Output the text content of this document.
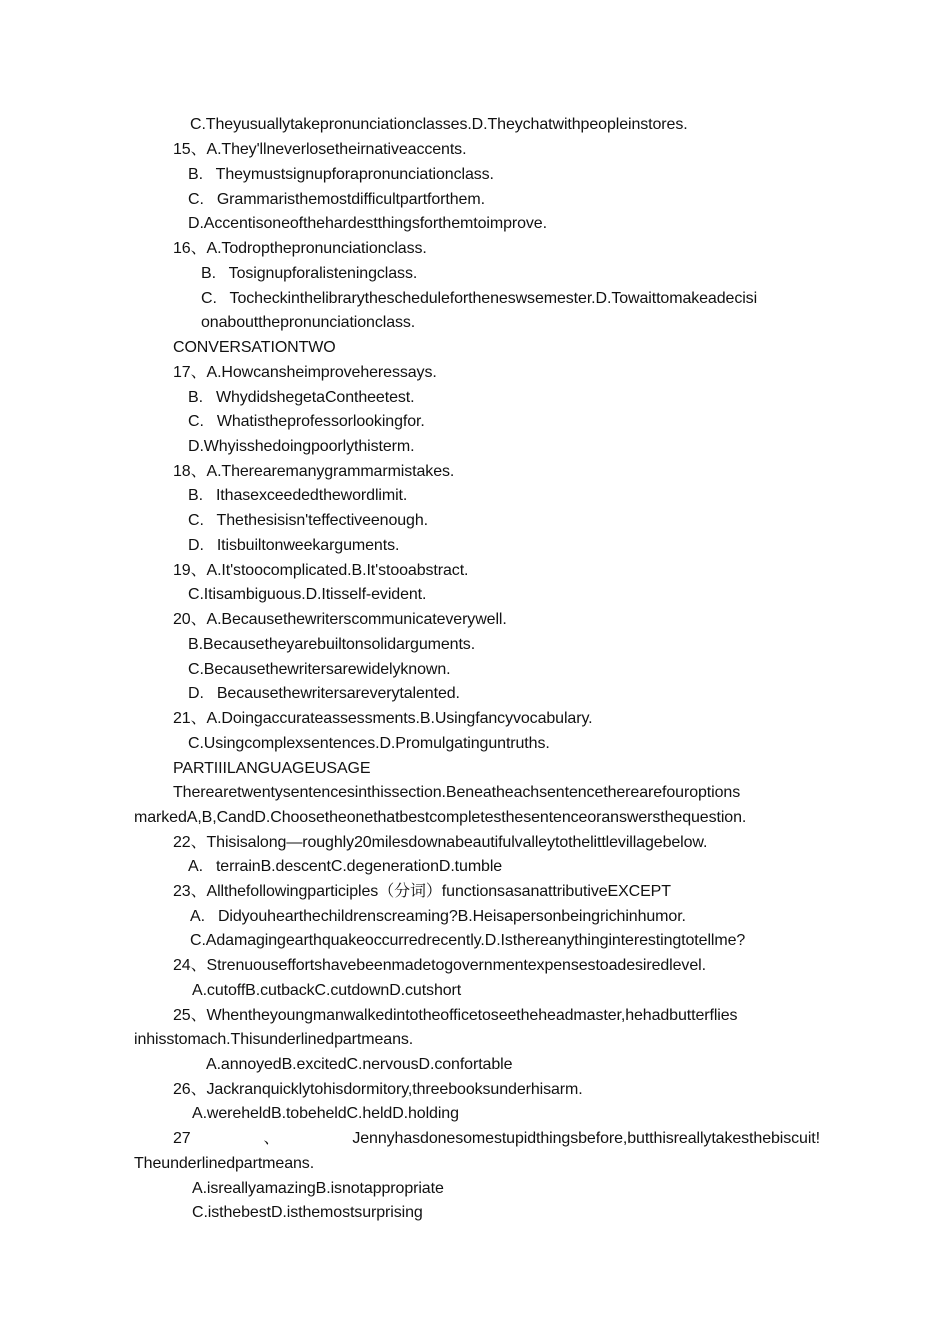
C.Theyusuallytakepronunciationclasses.D.Theychatwithpeopleinstores.
15、A.They'llneverlosetheirnativeaccents.
B.   Theymustsignupforapronunciationclass.
C.   Grammaristhemostdifficultpartforthem.
D.Accentisoneofthehardestthingsforthemtoimprove.
16、A.Todropthepronunciationclass.
B.   Tosignupforalisteningclass.
C.   Tocheckinthelibrarytheschedulefortheneswsemester.D.Towaittomakeadecisi
onaboutthepronunciationclass.
CONVERSATIONTWO
17、A.Howcansheimproveheressays.
B.   WhydidshegetaContheetest.
C.   Whatistheprofessorlookingfor.
D.Whyisshedoingpoorlythisterm.
18、A.Therearemanygrammarmistakes.
B.   Ithasexceededthewordlimit.
C.   Thethesisisn'teffectiveenough.
D.   Itisbuiltonweekarguments.
19、A.It'stoocomplicated.B.It'stooabstract.
C.Itisambiguous.D.Itisself-evident.
20、A.Becausethewriterscommunicateverywell.
B.Becausetheyarebuiltonsolidarguments.
C.Becausethewritersarewidelyknown.
D.   Becausethewritersareverytalented.
21、A.Doingaccurateassessments.B.Usingfancyvocabulary.
C.Usingcomplexsentences.D.Promulgatinguntruths.
PARTIIILANGUAGEUSAGE
Therearetwentysentencesinthissection.Beneatheachsentencetherearefouroptions
markedA,B,CandD.Choosetheonethatbestcompletesthesentenceoranswersthequestion.
22、Thisisalong—roughly20milesdownabeautifulvalleytothelittlevillagebelow.
A.   terrainB.descentC.degenerationD.tumble
23、Allthefollowingparticiples（分词）functionsasanattributiveEXCEPT
A.   Didyouhearthechildrenscreaming?B.Heisapersonbeingrichinhumor.
C.Adamagingearthquakeoccurredrecently.D.Isthereanythinginterestingtotellme?
24、Strenuouseffortshavebeenmadetogovernmentexpensestoadesiredlevel.
A.cutoffB.cutbackC.cutdownD.cutshort
25、Whentheyoungmanwalkedintotheofficetoseetheheadmaster,hehadbutterflies
inhisstomach.Thisunderlinedpartmeans.
A.annoyedB.excitedC.nervousD.confortable
26、Jackranquicklytohisdormitory,threebooksunderhisarm.
A.wereheldB.tobeheldC.heldD.holding
27	、	Jennyhasdonesomestupidthingsbefore,butthisreallytakesthebiscuit!
Theunderlinedpartmeans.
A.isreallyamazingB.isnotappropriate
C.isthebestD.isthemostsurprising
